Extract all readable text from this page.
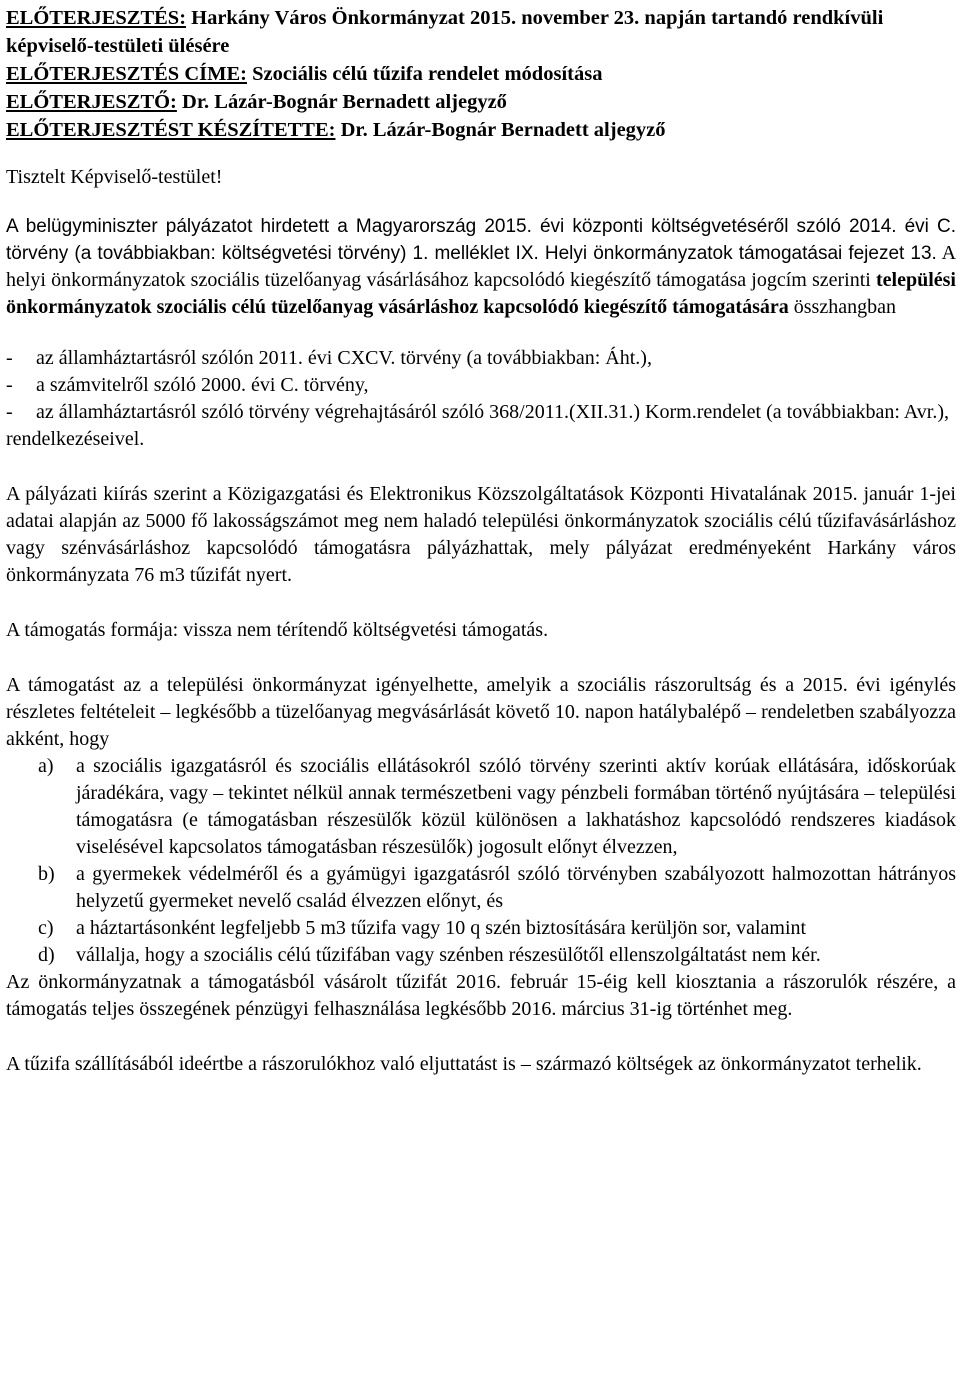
ELŐTERJESZTÉS: Harkány Város Önkormányzat 2015. november 23. napján tartandó rendkívüli képviselő-testületi ülésére

ELŐTERJESZTÉS CÍME: Szociális célú tűzifa rendelet módosítása

ELŐTERJESZTŐ: Dr. Lázár-Bognár Bernadett aljegyző

ELŐTERJESZTÉST KÉSZÍTETTE: Dr. Lázár-Bognár Bernadett aljegyző

Tisztelt Képviselő-testület!

A belügyminiszter pályázatot hirdetett a Magyarország 2015. évi központi költségvetéséről szóló 2014. évi C. törvény (a továbbiakban: költségvetési törvény) 1. melléklet IX. Helyi önkormányzatok támogatásai fejezet 13. A helyi önkormányzatok szociális tüzelőanyag vásárlásához kapcsolódó kiegészítő támogatása jogcím szerinti települési önkormányzatok szociális célú tüzelőanyag vásárláshoz kapcsolódó kiegészítő támogatására összhangban

-	az államháztartásról szólón 2011. évi CXCV. törvény (a továbbiakban: Áht.),
-	a számvitelről szóló 2000. évi C. törvény,
-	az államháztartásról szóló törvény végrehajtásáról szóló 368/2011.(XII.31.) Korm.rendelet (a továbbiakban: Avr.),

rendelkezéseivel.

A pályázati kiírás szerint a Közigazgatási és Elektronikus Közszolgáltatások Központi Hivatalának 2015. január 1-jei adatai alapján az 5000 fő lakosságszámot meg nem haladó települési önkormányzatok szociális célú tűzifavásárláshoz vagy szénvásárláshoz kapcsolódó támogatásra pályázhattak, mely pályázat eredményeként Harkány város önkormányzata 76 m3 tűzifát nyert.

A támogatás formája: vissza nem térítendő költségvetési támogatás.

A támogatást az a települési önkormányzat igényelhette, amelyik a szociális rászorultság és a 2015. évi igénylés részletes feltételeit – legkésőbb a tüzelőanyag megvásárlását követő 10. napon hatálybalépő – rendeletben szabályozza akként, hogy

a)	a szociális igazgatásról és szociális ellátásokról szóló törvény szerinti aktív korúak ellátására, időskorúak járadékára, vagy – tekintet nélkül annak természetbeni vagy pénzbeli formában történő nyújtására – települési támogatásra (e támogatásban részesülők közül különösen a lakhatáshoz kapcsolódó rendszeres kiadások viselésével kapcsolatos támogatásban részesülők) jogosult előnyt élvezzen,
b)	a gyermekek védelméről és a gyámügyi igazgatásról szóló törvényben szabályozott halmozottan hátrányos helyzetű gyermeket nevelő család élvezzen előnyt, és
c)	a háztartásonként legfeljebb 5 m3 tűzifa vagy 10 q szén biztosítására kerüljön sor, valamint
d)	vállalja, hogy a szociális célú tűzifában vagy szénben részesülőtől ellenszolgáltatást nem kér.

Az önkormányzatnak a támogatásból vásárolt tűzifát 2016. február 15-éig kell kiosztania a rászorulók részére, a támogatás teljes összegének pénzügyi felhasználása legkésőbb 2016. március 31-ig történhet meg.

A tűzifa szállításából ideértbe a rászorulókhoz való eljuttatást is – származó költségek az önkormányzatot terhelik.
